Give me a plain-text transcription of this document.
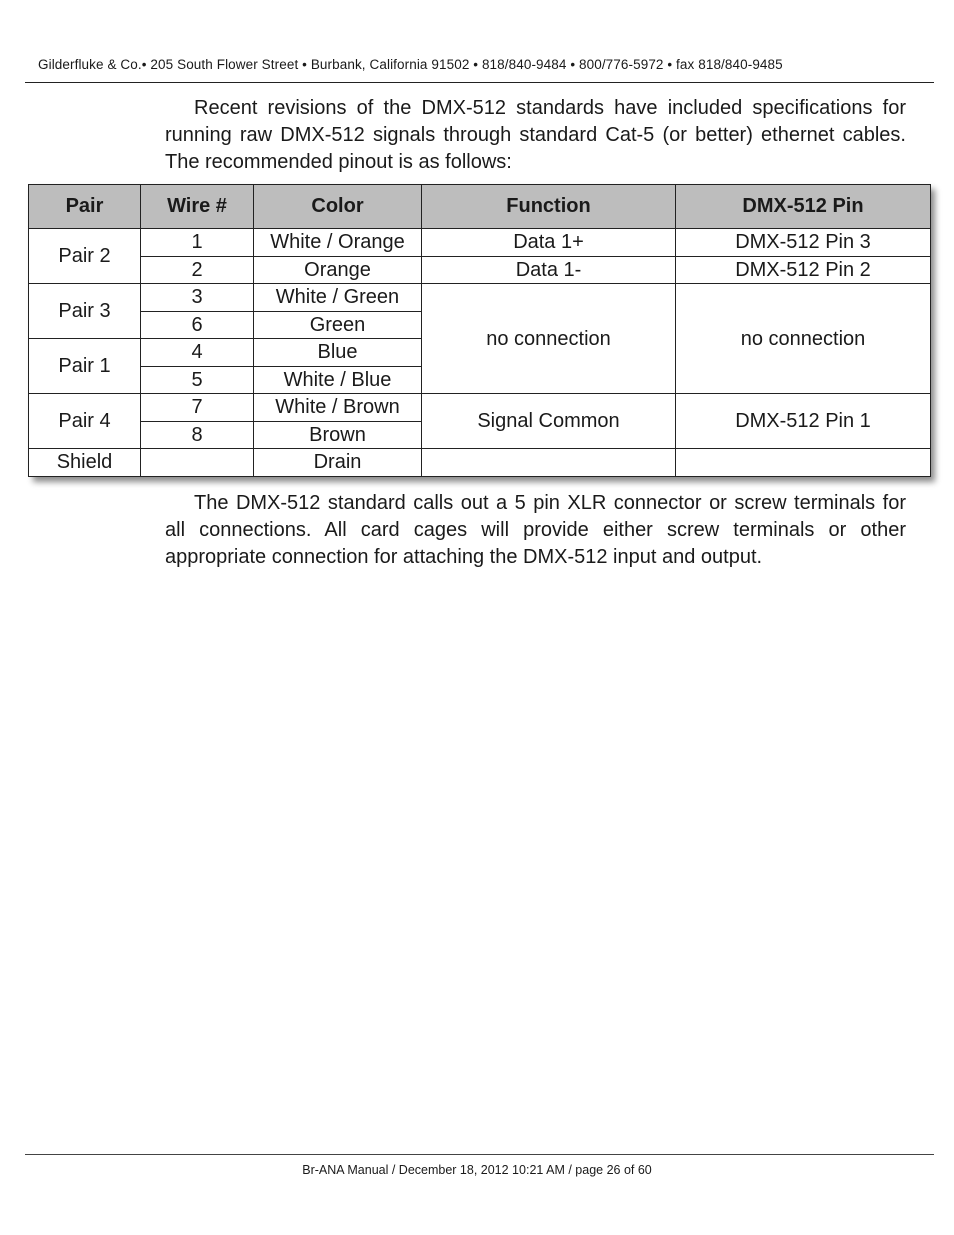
Gilderfluke & Co.• 205 South Flower Street • Burbank, California 91502 • 818/840-9484 • 800/776-5972 • fax 818/840-9485

Recent revisions of the DMX-512 standards have included specifications for running raw DMX-512 signals through standard Cat-5 (or better) ethernet cables. The recommended pinout is as follows:

Pair	Wire #	Color	Function	DMX-512 Pin
Pair 2	1	White / Orange	Data 1+	DMX-512 Pin 3
	2	Orange	Data 1-	DMX-512 Pin 2
Pair 3	3	White / Green	no connection	no connection
	6	Green		
Pair 1	4	Blue		
	5	White / Blue		
Pair 4	7	White / Brown	Signal Common	DMX-512 Pin 1
	8	Brown		
Shield		Drain		

The DMX-512 standard calls out a 5 pin XLR connector or screw terminals for all connections. All card cages will provide either screw terminals or other appropriate connection for attaching the DMX-512 input and output.

Br-ANA Manual / December 18, 2012 10:21 AM / page 26 of 60
